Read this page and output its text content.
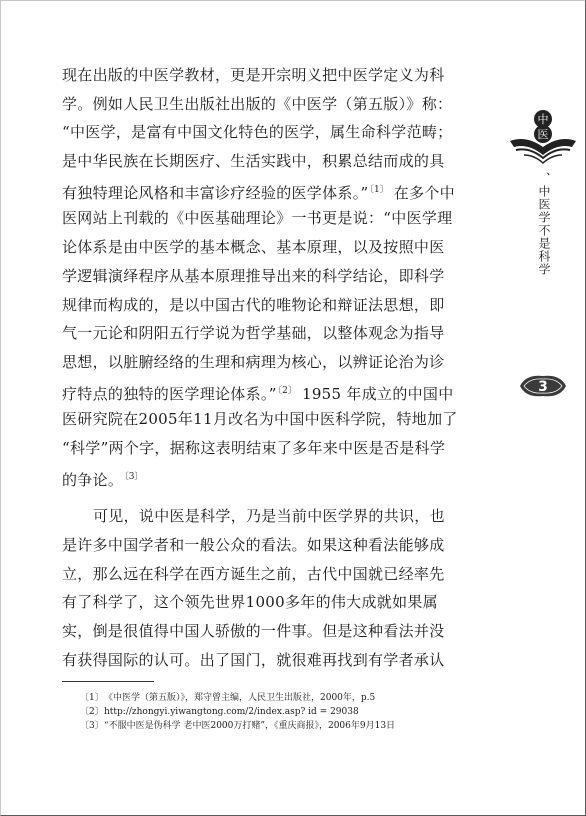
现在出版的中医学教材，更是开宗明义把中医学定义为科
学。例如人民卫生出版社出版的《中医学（第五版）》称：
“中医学，是富有中国文化特色的医学，属生命科学范畴；
是中华民族在长期医疗、生活实践中，积累总结而成的具
有独特理论风格和丰富诊疗经验的医学体系。”$^{〔1〕}$ 在多个中
医网站上刊载的《中医基础理论》一书更是说：“中医学理
论体系是由中医学的基本概念、基本原理，以及按照中医
学逻辑演绎程序从基本原理推导出来的科学结论，即科学
规律而构成的，是以中国古代的唯物论和辩证法思想，即
气一元论和阴阳五行学说为哲学基础，以整体观念为指导
思想，以脏腑经络的生理和病理为核心，以辨证论治为诊
疗特点的独特的医学理论体系。”$^{〔2〕}$ 1955 年成立的中国中
医研究院在2005年11月改名为中国中医科学院，特地加了
“科学”两个字，据称这表明结束了多年来中医是否是科学
的争论。$^{〔3〕}$
可见，说中医是科学，乃是当前中医学界的共识，也
是许多中国学者和一般公众的看法。如果这种看法能够成
立，那么远在科学在西方诞生之前，古代中国就已经率先
有了科学了，这个领先世界1000多年的伟大成就如果属
实，倒是很值得中国人骄傲的一件事。但是这种看法并没
有获得国际的认可。出了国门，就很难再找到有学者承认
中
医
、中医学不是科学
3
〔1〕 《中医学（第五版）》，郑守曾主编，人民卫生出版社，2000年，p.5
〔2〕 http://zhongyi.yiwangtong.com/2/index.asp? id = 29038
〔3〕 “不服中医是伪科学 老中医2000万打赌”，《重庆商报》，2006年9月13日
